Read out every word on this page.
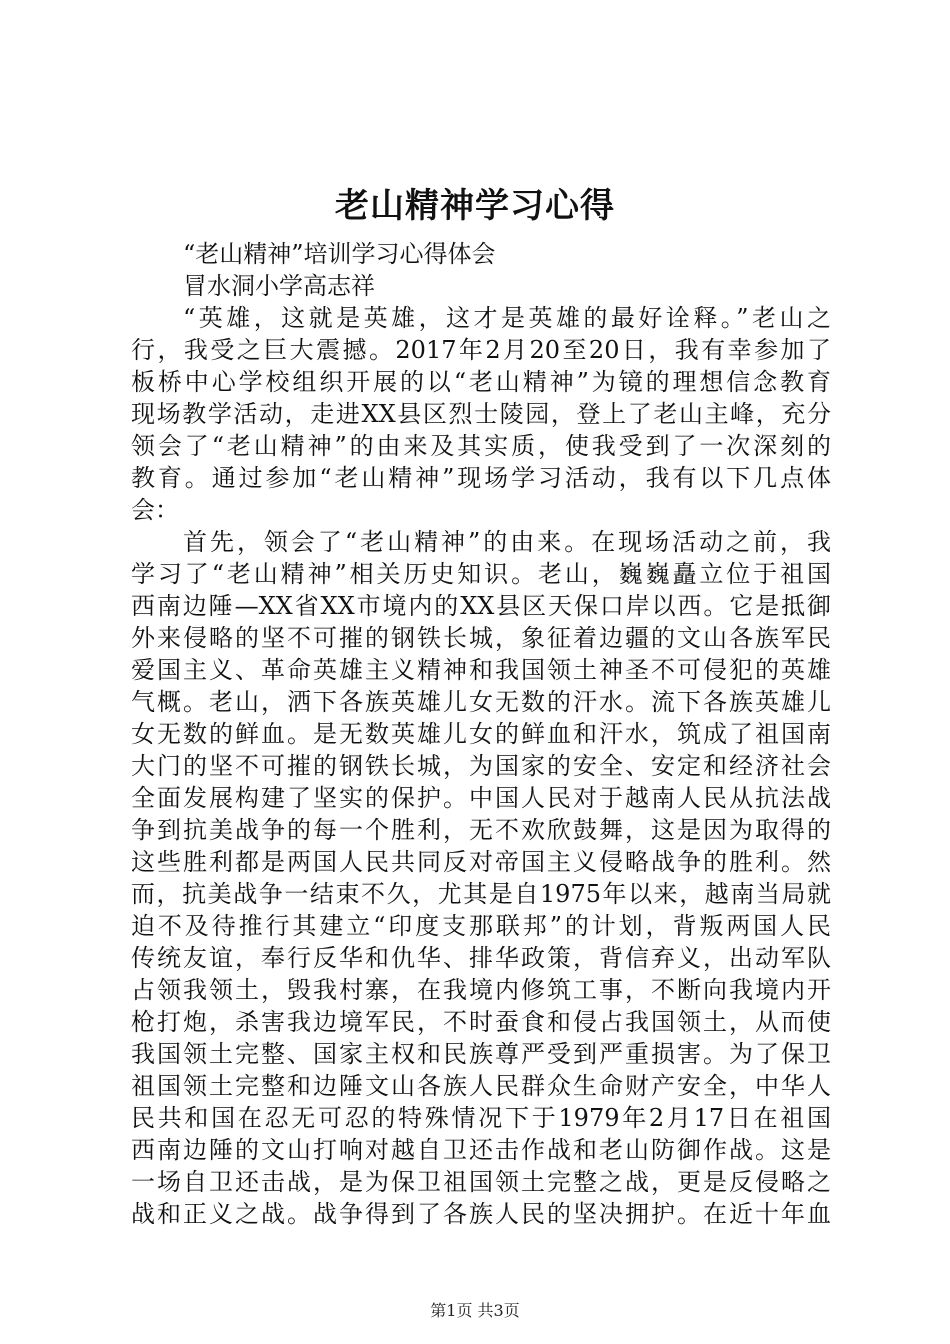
老山精神学习心得

“老山精神”培训学习心得体会

冒水洞小学高志祥

“英雄，这就是英雄，这才是英雄的最好诠释。”老山之

行，我受之巨大震撼。2017年2月20至20日，我有幸参加了

板桥中心学校组织开展的以“老山精神”为镜的理想信念教育

现场教学活动，走进XX县区烈士陵园，登上了老山主峰，充分

领会了“老山精神”的由来及其实质，使我受到了一次深刻的

教育。通过参加“老山精神”现场学习活动，我有以下几点体

会：

首先，领会了“老山精神”的由来。在现场活动之前，我

学习了“老山精神”相关历史知识。老山，巍巍矗立位于祖国

西南边陲—XX省XX市境内的XX县区天保口岸以西。它是抵御

外来侵略的坚不可摧的钢铁长城，象征着边疆的文山各族军民

爱国主义、革命英雄主义精神和我国领土神圣不可侵犯的英雄

气概。老山，洒下各族英雄儿女无数的汗水。流下各族英雄儿

女无数的鲜血。是无数英雄儿女的鲜血和汗水，筑成了祖国南

大门的坚不可摧的钢铁长城，为国家的安全、安定和经济社会

全面发展构建了坚实的保护。中国人民对于越南人民从抗法战

争到抗美战争的每一个胜利，无不欢欣鼓舞，这是因为取得的

这些胜利都是两国人民共同反对帝国主义侵略战争的胜利。然

而，抗美战争一结束不久，尤其是自1975年以来，越南当局就

迫不及待推行其建立“印度支那联邦”的计划，背叛两国人民

传统友谊，奉行反华和仇华、排华政策，背信弃义，出动军队

占领我领土，毁我村寨，在我境内修筑工事，不断向我境内开

枪打炮，杀害我边境军民，不时蚕食和侵占我国领土，从而使

我国领土完整、国家主权和民族尊严受到严重损害。为了保卫

祖国领土完整和边陲文山各族人民群众生命财产安全，中华人

民共和国在忍无可忍的特殊情况下于1979年2月17日在祖国

西南边陲的文山打响对越自卫还击作战和老山防御作战。这是

一场自卫还击战，是为保卫祖国领土完整之战，更是反侵略之

战和正义之战。战争得到了各族人民的坚决拥护。在近十年血

第1页 共3页
